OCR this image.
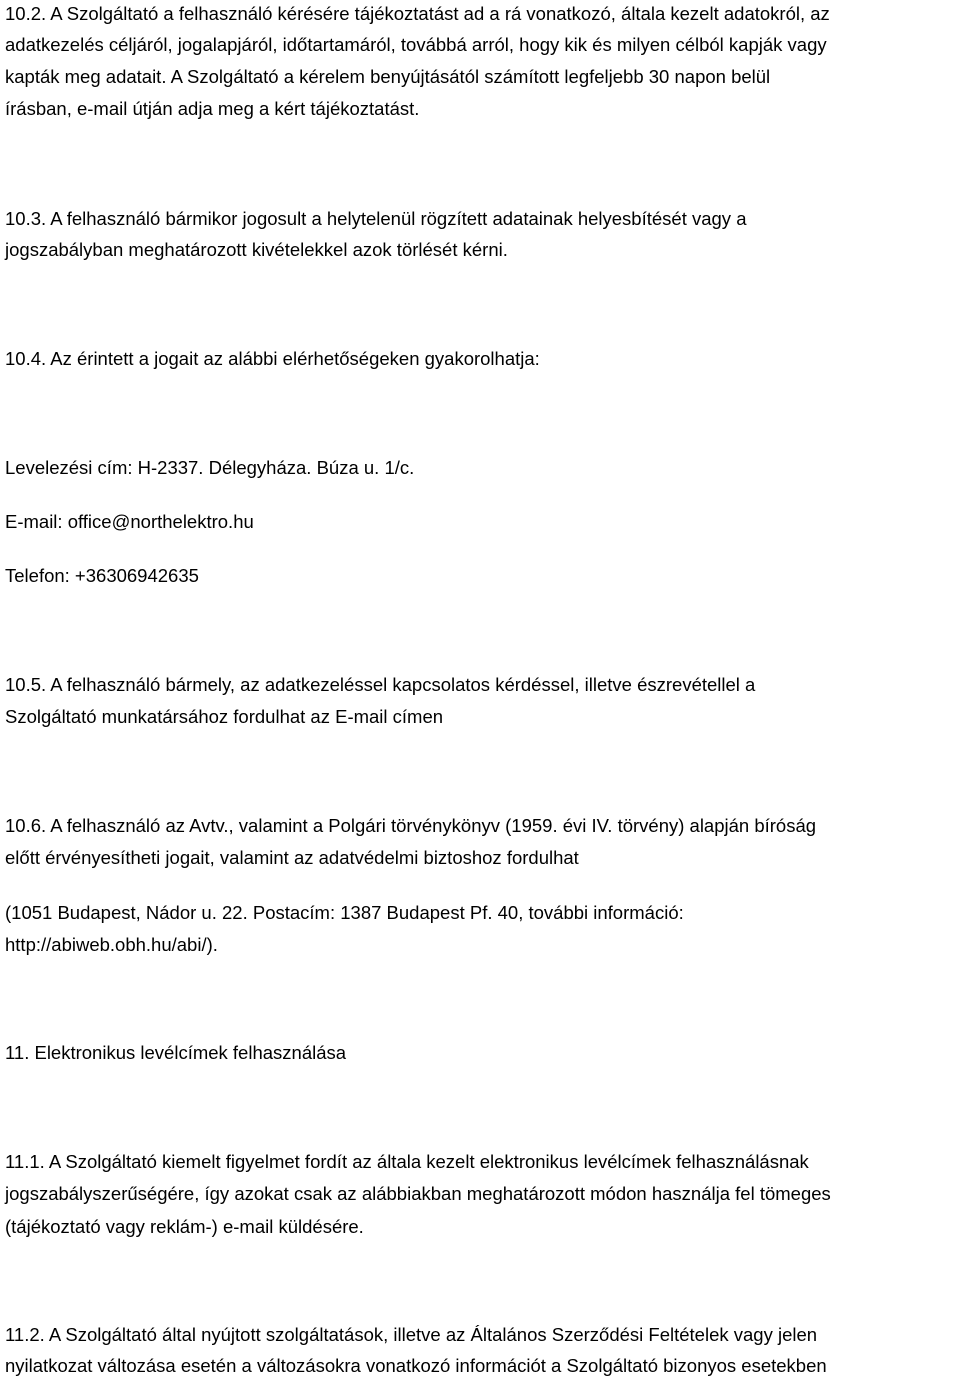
10.2. A Szolgáltató a felhasználó kérésére tájékoztatást ad a rá vonatkozó, általa kezelt adatokról, az
adatkezelés céljáról, jogalapjáról, időtartamáról, továbbá arról, hogy kik és milyen célból kapják vagy
kapták meg adatait. A Szolgáltató a kérelem benyújtásától számított legfeljebb 30 napon belül
írásban, e-mail útján adja meg a kért tájékoztatást.
10.3. A felhasználó bármikor jogosult a helytelenül rögzített adatainak helyesbítését vagy a
jogszabályban meghatározott kivételekkel azok törlését kérni.
10.4. Az érintett a jogait az alábbi elérhetőségeken gyakorolhatja:
Levelezési cím: H-2337. Délegyháza. Búza u. 1/c.
E-mail: office@northelektro.hu
Telefon: +36306942635
10.5. A felhasználó bármely, az adatkezeléssel kapcsolatos kérdéssel, illetve észrevétellel a
Szolgáltató munkatársához fordulhat az E-mail címen
10.6. A felhasználó az Avtv., valamint a Polgári törvénykönyv (1959. évi IV. törvény) alapján bíróság
előtt érvényesítheti jogait, valamint az adatvédelmi biztoshoz fordulhat
(1051 Budapest, Nádor u. 22. Postacím: 1387 Budapest Pf. 40, további információ:
http://abiweb.obh.hu/abi/).
11. Elektronikus levélcímek felhasználása
11.1. A Szolgáltató kiemelt figyelmet fordít az általa kezelt elektronikus levélcímek felhasználásnak
jogszabályszerűségére, így azokat csak az alábbiakban meghatározott módon használja fel tömeges
(tájékoztató vagy reklám-) e-mail küldésére.
11.2. A Szolgáltató által nyújtott szolgáltatások, illetve az Általános Szerződési Feltételek vagy jelen
nyilatkozat változása esetén a változásokra vonatkozó információt a Szolgáltató bizonyos esetekben
